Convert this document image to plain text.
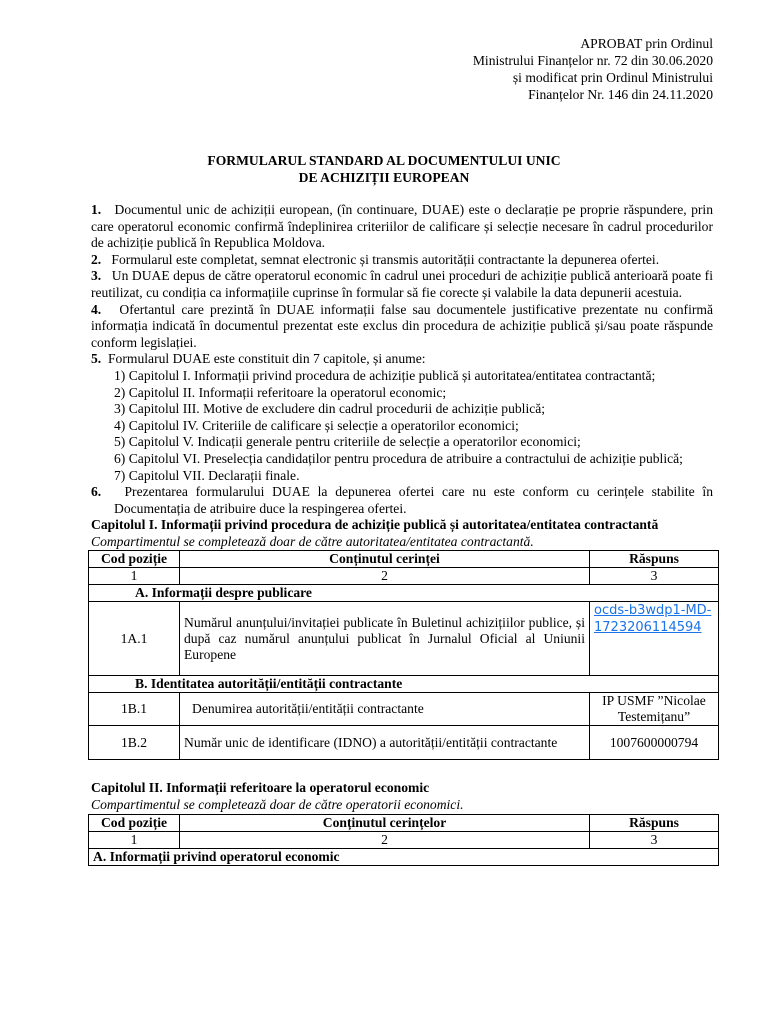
APROBAT prin Ordinul
Ministrului Finanțelor nr. 72 din 30.06.2020
și modificat prin Ordinul Ministrului
Finanțelor Nr. 146 din 24.11.2020
FORMULARUL STANDARD AL DOCUMENTULUI UNIC
DE ACHIZIȚII EUROPEAN

1. Documentul unic de achiziții european, (în continuare, DUAE) este o declarație pe proprie răspundere, prin care operatorul economic confirmă îndeplinirea criteriilor de calificare și selecție necesare în cadrul procedurilor de achiziție publică în Republica Moldova.

2. Formularul este completat, semnat electronic și transmis autorității contractante la depunerea ofertei.

3. Un DUAE depus de către operatorul economic în cadrul unei proceduri de achiziție publică anterioară poate fi reutilizat, cu condiția ca informațiile cuprinse în formular să fie corecte și valabile la data depunerii acestuia.

4. Ofertantul care prezintă în DUAE informații false sau documentele justificative prezentate nu confirmă informația indicată în documentul prezentat este exclus din procedura de achiziție publică și/sau poate răspunde conform legislației.

5. Formularul DUAE este constituit din 7 capitole, și anume:

1) Capitolul I. Informații privind procedura de achiziție publică și autoritatea/entitatea contractantă;

2) Capitolul II. Informații referitoare la operatorul economic;

3) Capitolul III. Motive de excludere din cadrul procedurii de achiziție publică;

4) Capitolul IV. Criteriile de calificare și selecție a operatorilor economici;

5) Capitolul V. Indicații generale pentru criteriile de selecție a operatorilor economici;

6) Capitolul VI. Preselecția candidaților pentru procedura de atribuire a contractului de achiziție publică;

7) Capitolul VII. Declarații finale.

6. Prezentarea formularului DUAE la depunerea ofertei care nu este conform cu cerințele stabilite în Documentația de atribuire duce la respingerea ofertei.

Capitolul I. Informații privind procedura de achiziție publică și autoritatea/entitatea contractantă

Compartimentul se completează doar de către autoritatea/entitatea contractantă.

Cod poziție	Conținutul cerinței	Răspuns
1	2	3
A. Informații despre publicare		
1A.1	Numărul anunțului/invitației publicate în Buletinul achizițiilor publice, și după caz numărul anunțului publicat în Jurnalul Oficial al Uniunii Europene	ocds-b3wdp1-MD-1723206114594
B. Identitatea autorității/entității contractante		
1B.1	Denumirea autorității/entității contractante	IP USMF ”Nicolae Testemițanu”
1B.2	Număr unic de identificare (IDNO) a autorității/entității contractante	1007600000794

Capitolul II. Informații referitoare la operatorul economic

Compartimentul se completează doar de către operatorii economici.

Cod poziție	Conținutul cerințelor	Răspuns
1	2	3
A. Informații privind operatorul economic		
